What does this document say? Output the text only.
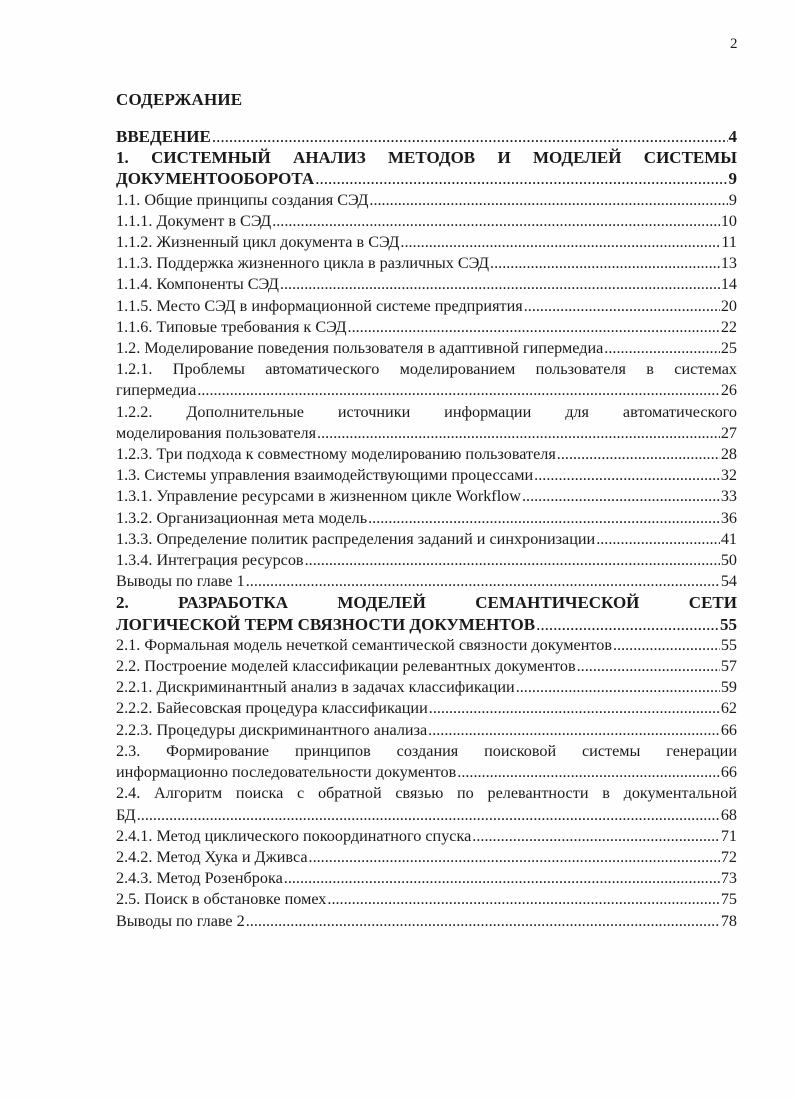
2
СОДЕРЖАНИЕ
ВВЕДЕНИЕ .....	4
1. СИСТЕМНЫЙ АНАЛИЗ МЕТОДОВ И МОДЕЛЕЙ СИСТЕМЫ
ДОКУМЕНТООБОРОТА .....	9
1.1. Общие принципы создания СЭД .....	9
1.1.1. Документ в СЭД .....	10
1.1.2. Жизненный цикл документа в СЭД .....	11
1.1.3. Поддержка жизненного цикла в различных СЭД .....	13
1.1.4. Компоненты СЭД .....	14
1.1.5. Место СЭД в информационной системе предприятия .....	20
1.1.6. Типовые требования к СЭД .....	22
1.2. Моделирование поведения пользователя в адаптивной гипермедиа .....	25
1.2.1. Проблемы автоматического моделированием пользователя в системах
гипермедиа .....	26
1.2.2. Дополнительные источники информации для автоматического
моделирования пользователя .....	27
1.2.3. Три подхода к совместному моделированию пользователя .....	28
1.3. Системы управления взаимодействующими процессами .....	32
1.3.1. Управление ресурсами в жизненном цикле Workflow .....	33
1.3.2. Организационная мета модель .....	36
1.3.3. Определение политик распределения заданий и синхронизации .....	41
1.3.4. Интеграция ресурсов .....	50
Выводы по главе 1 .....	54
2. РАЗРАБОТКА МОДЕЛЕЙ СЕМАНТИЧЕСКОЙ СЕТИ
ЛОГИЧЕСКОЙ ТЕРМ СВЯЗНОСТИ ДОКУМЕНТОВ .....	55
2.1. Формальная модель нечеткой семантической связности документов .....	55
2.2. Построение моделей классификации релевантных документов .....	57
2.2.1. Дискриминантный анализ в задачах классификации .....	59
2.2.2. Байесовская процедура классификации .....	62
2.2.3. Процедуры дискриминантного анализа .....	66
2.3. Формирование принципов создания поисковой системы генерации
информационно последовательности документов .....	66
2.4. Алгоритм поиска с обратной связью по релевантности в документальной
БД .....	68
2.4.1. Метод циклического покоординатного спуска .....	71
2.4.2. Метод Хука и Дживса .....	72
2.4.3. Метод Розенброка .....	73
2.5. Поиск в обстановке помех .....	75
Выводы по главе 2 .....	78
